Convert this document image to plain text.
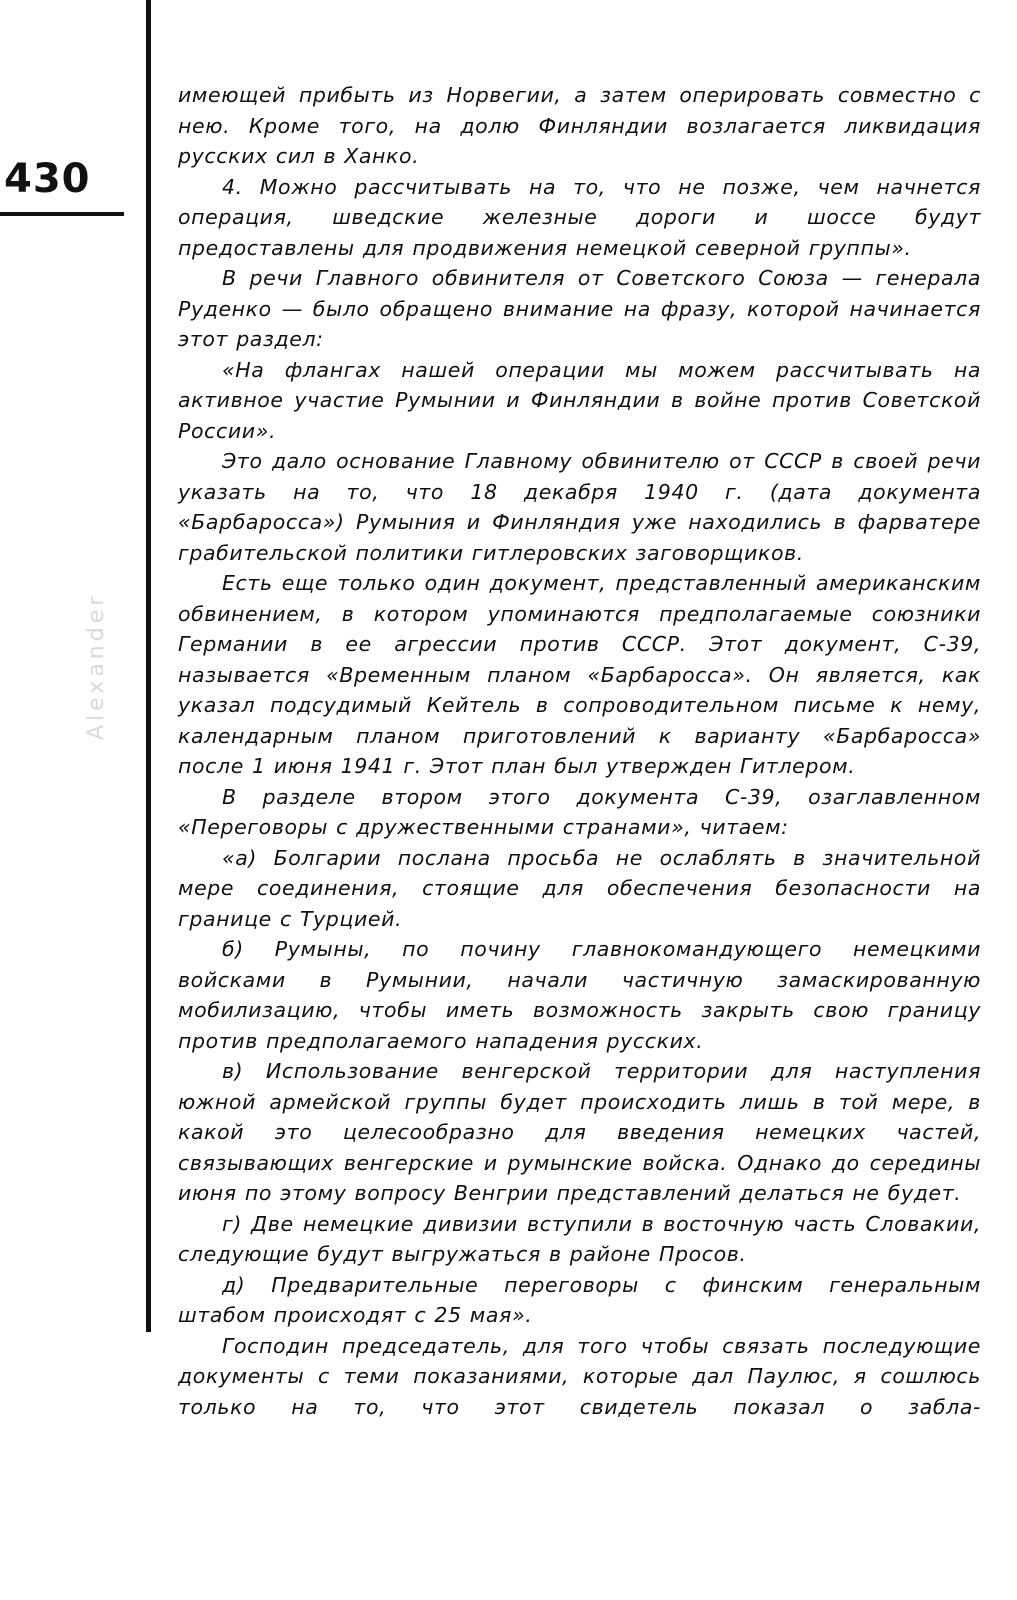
430
Alexander

имеющей прибыть из Норвегии, а затем оперировать совместно с нею. Кроме того, на долю Финляндии возлагается ликвидация русских сил в Ханко.

4. Можно рассчитывать на то, что не позже, чем начнется операция, шведские железные дороги и шоссе будут предоставлены для продвижения немецкой северной группы».

В речи Главного обвинителя от Советского Союза — генерала Руденко — было обращено внимание на фразу, которой начинается этот раздел:

«На флангах нашей операции мы можем рассчитывать на активное участие Румынии и Финляндии в войне против Советской России».

Это дало основание Главному обвинителю от СССР в своей речи указать на то, что 18 декабря 1940 г. (дата документа «Барбаросса») Румыния и Финляндия уже находились в фарватере грабительской политики гитлеровских заговорщиков.

Есть еще только один документ, представленный американским обвинением, в котором упоминаются предполагаемые союзники Германии в ее агрессии против СССР. Этот документ, С-39, называется «Временным планом «Барбаросса». Он является, как указал подсудимый Кейтель в сопроводительном письме к нему, календарным планом приготовлений к варианту «Барбаросса» после 1 июня 1941 г. Этот план был утвержден Гитлером.

В разделе втором этого документа С-39, озаглавленном «Переговоры с дружественными странами», читаем:

«а) Болгарии послана просьба не ослаблять в значительной мере соединения, стоящие для обеспечения безопасности на границе с Турцией.

б) Румыны, по почину главнокомандующего немецкими войсками в Румынии, начали частичную замаскированную мобилизацию, чтобы иметь возможность закрыть свою границу против предполагаемого нападения русских.

в) Использование венгерской территории для наступления южной армейской группы будет происходить лишь в той мере, в какой это целесообразно для введения немецких частей, связывающих венгерские и румынские войска. Однако до середины июня по этому вопросу Венгрии представлений делаться не будет.

г) Две немецкие дивизии вступили в восточную часть Словакии, следующие будут выгружаться в районе Просов.

д) Предварительные переговоры с финским генеральным штабом происходят с 25 мая».

Господин председатель, для того чтобы связать последующие документы с теми показаниями, которые дал Паулюс, я сошлюсь только на то, что этот свидетель показал о забла-
